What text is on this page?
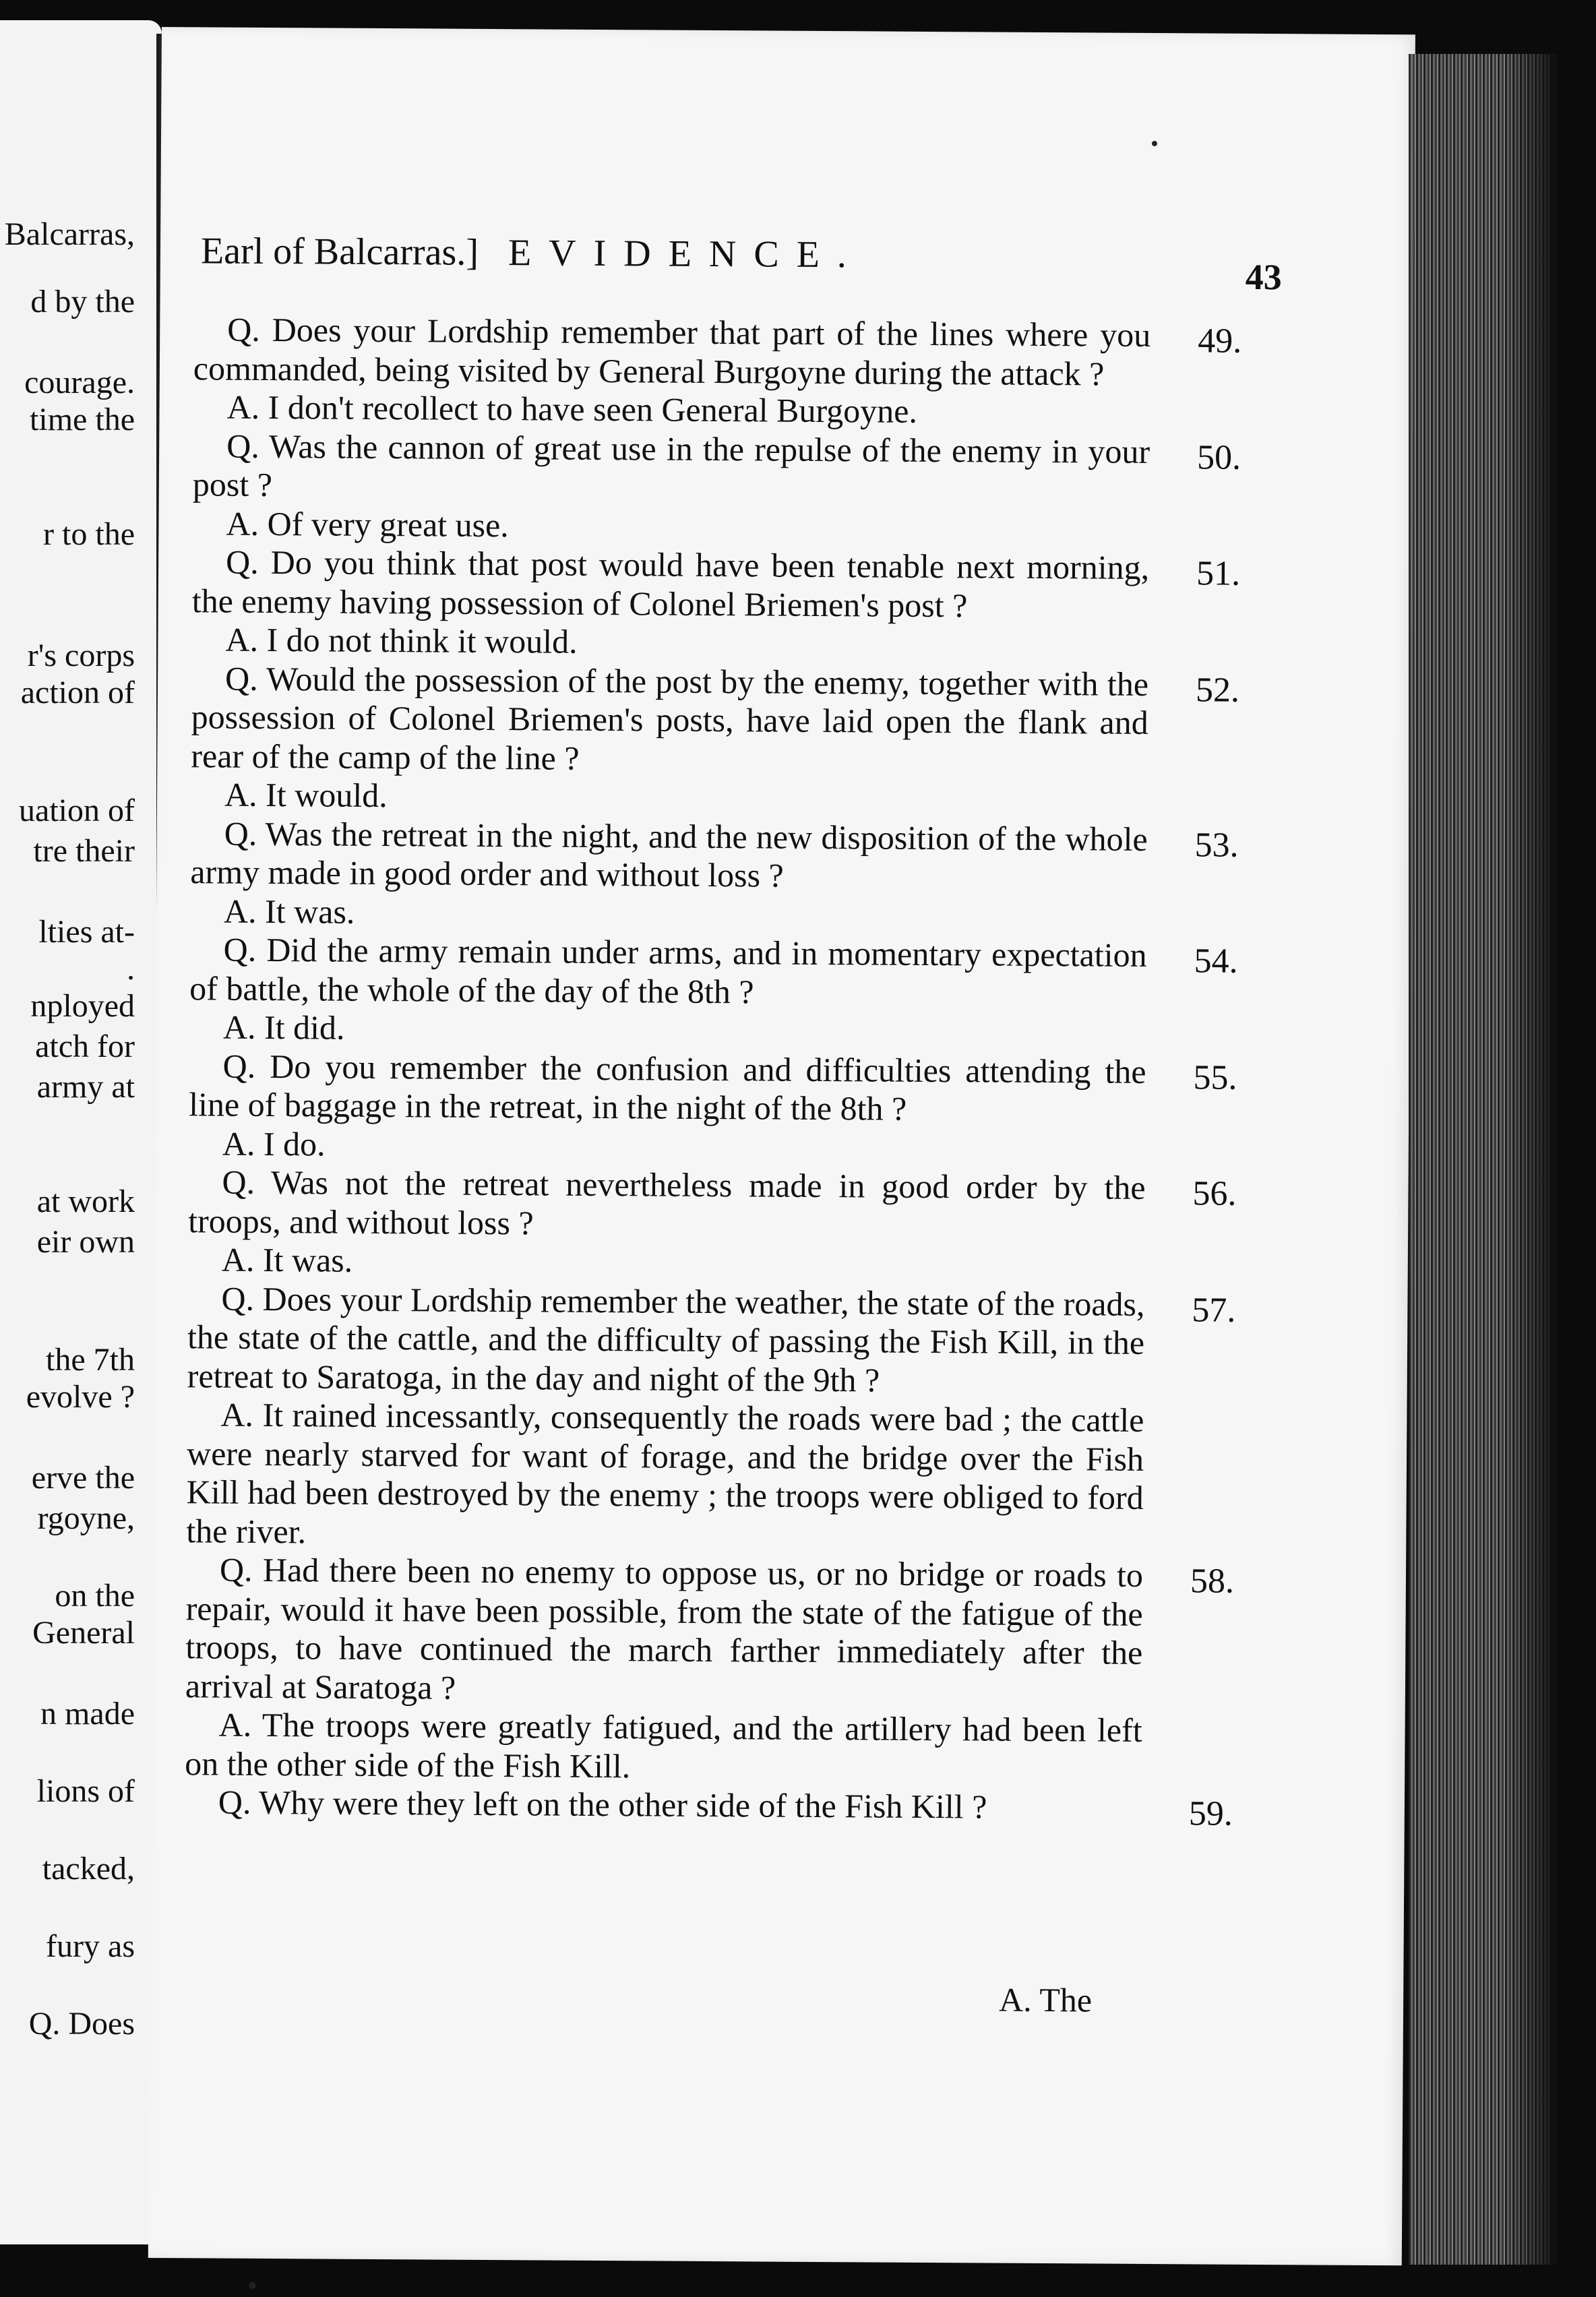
Balcarras,
d by the
courage.
time the
r to the
r's corps
action of
uation of
tre their
lties at-
.
nployed
atch for
army at
at work
eir own
the 7th
evolve ?
erve the
rgoyne,
on the
General
n made
lions of
tacked,
fury as
Q. Does
Earl of Balcarras.] EVIDENCE.
43

Q. Does your Lordship remember that part of the lines where you commanded, being visited by General Burgoyne during the attack ?
49.

A. I don't recollect to have seen General Burgoyne.

Q. Was the cannon of great use in the repulse of the enemy in your post ?
50.

A. Of very great use.

Q. Do you think that post would have been tenable next morning, the enemy having possession of Colonel Briemen's post ?
51.

A. I do not think it would.

Q. Would the possession of the post by the enemy, together with the possession of Colonel Briemen's posts, have laid open the flank and rear of the camp of the line ?
52.

A. It would.

Q. Was the retreat in the night, and the new disposition of the whole army made in good order and without loss ?
53.

A. It was.

Q. Did the army remain under arms, and in momentary expectation of battle, the whole of the day of the 8th ?
54.

A. It did.

Q. Do you remember the confusion and difficulties attending the line of baggage in the retreat, in the night of the 8th ?
55.

A. I do.

Q. Was not the retreat nevertheless made in good order by the troops, and without loss ?
56.

A. It was.

Q. Does your Lordship remember the weather, the state of the roads, the state of the cattle, and the difficulty of passing the Fish Kill, in the retreat to Saratoga, in the day and night of the 9th ?
57.

A. It rained incessantly, consequently the roads were bad ; the cattle were nearly starved for want of forage, and the bridge over the Fish Kill had been destroyed by the enemy ; the troops were obliged to ford the river.

Q. Had there been no enemy to oppose us, or no bridge or roads to repair, would it have been possible, from the state of the fatigue of the troops, to have continued the march farther immediately after the arrival at Saratoga ?
58.

A. The troops were greatly fatigued, and the artillery had been left on the other side of the Fish Kill.

Q. Why were they left on the other side of the Fish Kill ?	59.

A. The
